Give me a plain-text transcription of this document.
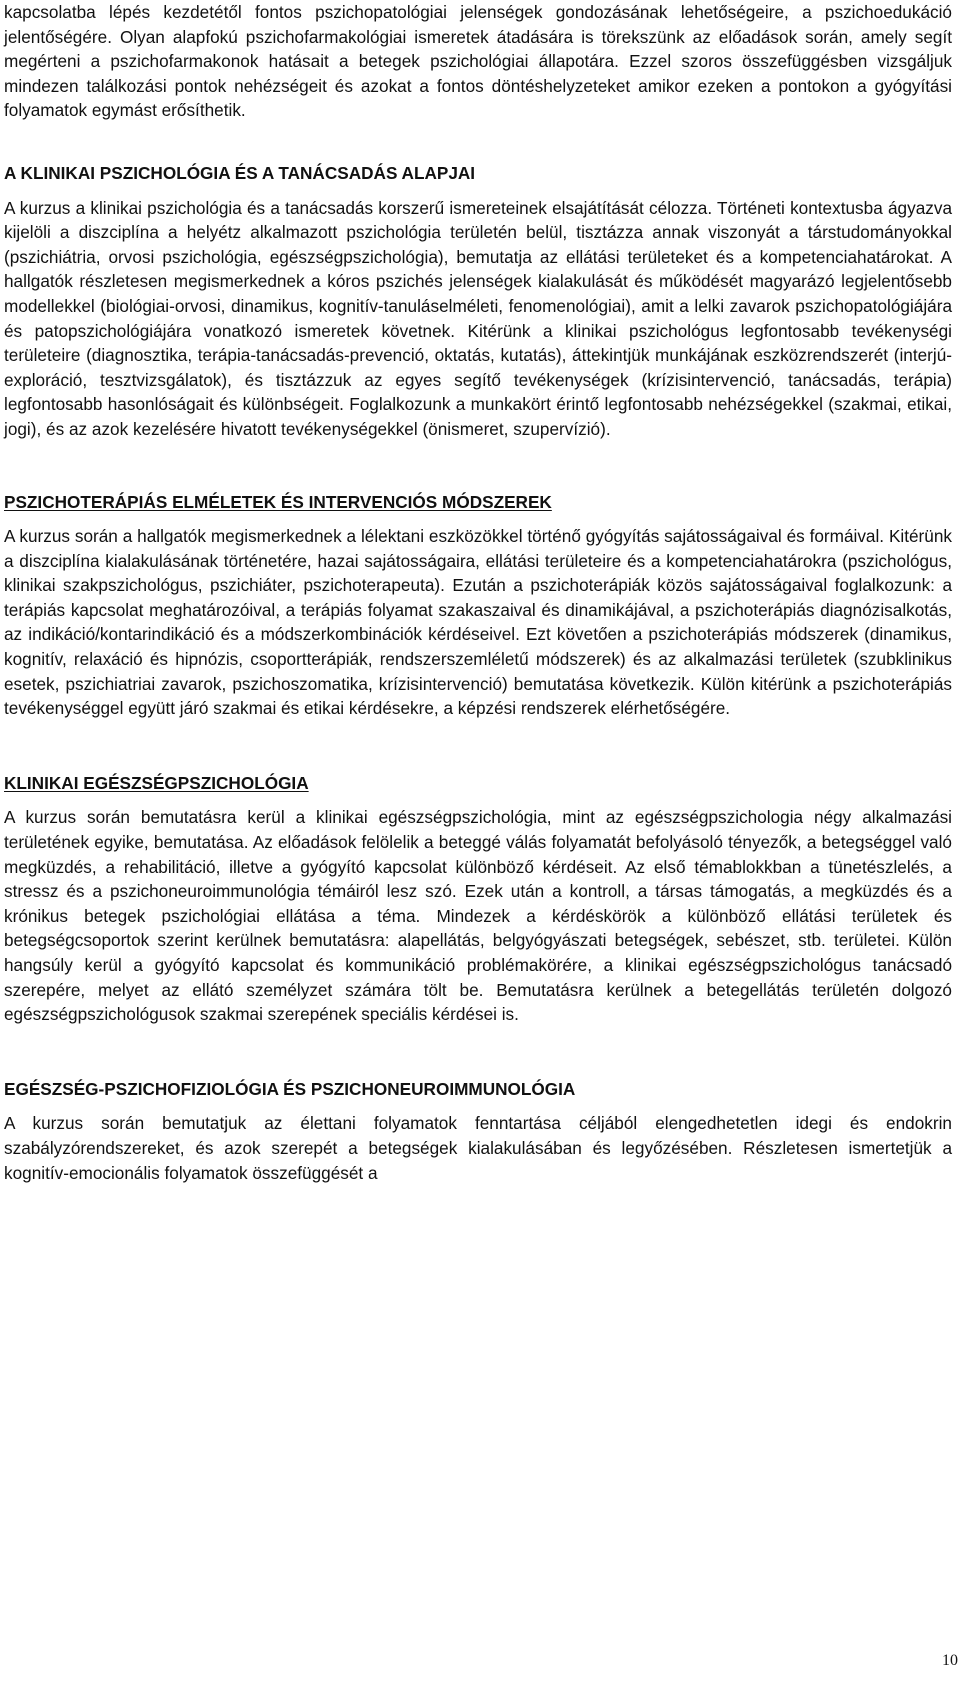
kapcsolatba lépés kezdetétől fontos pszichopatológiai jelenségek gondozásának lehetőségeire, a pszichoedukáció jelentőségére. Olyan alapfokú pszichofarmakológiai ismeretek átadására is törekszünk az előadások során, amely segít megérteni a pszichofarmakonok hatásait a betegek pszichológiai állapotára. Ezzel szoros összefüggésben vizsgáljuk mindezen találkozási pontok nehézségeit és azokat a fontos döntéshelyzeteket amikor ezeken a pontokon a gyógyítási folyamatok egymást erősíthetik.

A KLINIKAI PSZICHOLÓGIA ÉS A TANÁCSADÁS ALAPJAI

A kurzus a klinikai pszichológia és a tanácsadás korszerű ismereteinek elsajátítását célozza. Történeti kontextusba ágyazva kijelöli a diszciplína a helyétz alkalmazott pszichológia területén belül, tisztázza annak viszonyát a társtudományokkal (pszichiátria, orvosi pszichológia, egészségpszichológia), bemutatja az ellátási területeket és a kompetenciahatárokat. A hallgatók részletesen megismerkednek a kóros pszichés jelenségek kialakulását és működését magyarázó legjelentősebb modellekkel (biológiai-orvosi, dinamikus, kognitív-tanuláselméleti, fenomenológiai), amit a lelki zavarok pszichopatológiájára és patopszichológiájára vonatkozó ismeretek követnek. Kitérünk a klinikai pszichológus legfontosabb tevékenységi területeire (diagnosztika, terápia-tanácsadás-prevenció, oktatás, kutatás), áttekintjük munkájának eszközrendszerét (interjú-exploráció, tesztvizsgálatok), és tisztázzuk az egyes segítő tevékenységek (krízisintervenció, tanácsadás, terápia) legfontosabb hasonlóságait és különbségeit. Foglalkozunk a munkakört érintő legfontosabb nehézségekkel (szakmai, etikai, jogi), és az azok kezelésére hivatott tevékenységekkel (önismeret, szupervízió).

PSZICHOTERÁPIÁS ELMÉLETEK ÉS INTERVENCIÓS MÓDSZEREK

A kurzus során a hallgatók megismerkednek a lélektani eszközökkel történő gyógyítás sajátosságaival és formáival. Kitérünk a diszciplína kialakulásának történetére, hazai sajátosságaira, ellátási területeire és a kompetenciahatárokra (pszichológus, klinikai szakpszichológus, pszichiáter, pszichoterapeuta). Ezután a pszichoterápiák közös sajátosságaival foglalkozunk: a terápiás kapcsolat meghatározóival, a terápiás folyamat szakaszaival és dinamikájával, a pszichoterápiás diagnózisalkotás, az indikáció/kontarindikáció és a módszerkombinációk kérdéseivel. Ezt követően a pszichoterápiás módszerek (dinamikus, kognitív, relaxáció és hipnózis, csoportterápiák, rendszerszemléletű módszerek) és az alkalmazási területek (szubklinikus esetek, pszichiatriai zavarok, pszichoszomatika, krízisintervenció) bemutatása következik. Külön kitérünk a pszichoterápiás tevékenységgel együtt járó szakmai és etikai kérdésekre, a képzési rendszerek elérhetőségére.

KLINIKAI EGÉSZSÉGPSZICHOLÓGIA

A kurzus során bemutatásra kerül a klinikai egészségpszichológia, mint az egészségpszichologia négy alkalmazási területének egyike, bemutatása. Az előadások felölelik a beteggé válás folyamatát befolyásoló tényezők, a betegséggel való megküzdés, a rehabilitáció, illetve a gyógyító kapcsolat különböző kérdéseit. Az első témablokkban a tünetészlelés, a stressz és a pszichoneuroimmunológia témáiról lesz szó. Ezek után a kontroll, a társas támogatás, a megküzdés és a krónikus betegek pszichológiai ellátása a téma. Mindezek a kérdéskörök a különböző ellátási területek és betegségcsoportok szerint kerülnek bemutatásra: alapellátás, belgyógyászati betegségek, sebészet, stb. területei. Külön hangsúly kerül a gyógyító kapcsolat és kommunikáció problémakörére, a klinikai egészségpszichológus tanácsadó szerepére, melyet az ellátó személyzet számára tölt be. Bemutatásra kerülnek a betegellátás területén dolgozó egészségpszichológusok szakmai szerepének speciális kérdései is.

EGÉSZSÉG-PSZICHOFIZIOLÓGIA ÉS PSZICHONEUROIMMUNOLÓGIA

A kurzus során bemutatjuk az élettani folyamatok fenntartása céljából elengedhetetlen idegi és endokrin szabályzórendszereket, és azok szerepét a betegségek kialakulásában és legyőzésében. Részletesen ismertetjük a kognitív-emocionális folyamatok összefüggését a

10
